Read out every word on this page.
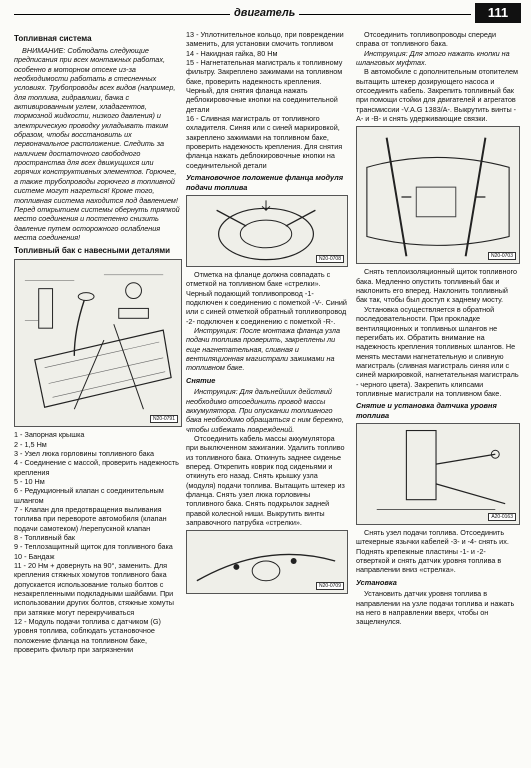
двигатель	111

Топливная система

ВНИМАНИЕ: Соблюдать следующие предписания при всех монтажных работах, особенно в моторном отсеке из-за необходимости работать в стесненных условиях. Трубопроводы всех видов (например, для топлива, гидравлики, бачка с активированным углем, хладагентов, тормозной жидкости, низкого давления) и электрическую проводку укладывать таким образом, чтобы восстановить их первоначальное расположение. Следить за наличием достаточного свободного пространства для всех движущихся или горячих конструктивных элементов. Горючее, а также трубопроводы горючего в топливной системе могут нагреться! Кроме того, топливная система находится под давлением! Перед открытием системы обернуть тряпкой место соединения и постепенно снизить давление путем осторожного ослабления места соединения!

Топливный бак с навесными деталями

N20-0791

1 - Запорная крышка

2 - 1,5 Нм

3 - Узел люка горловины топливного бака

4 - Соединение с массой, проверить надежность крепления

5 - 10 Нм

6 - Редукционный клапан с соединительным шлангом

7 - Клапан для предотвращения выливания топлива при перевороте автомобиля (клапан подачи самотеком) /перепускной клапан

8 - Топливный бак

9 - Теплозащитный щиток для топливного бака

10 - Бандаж

11 - 20 Нм + довернуть на 90°, заменить. Для крепления стяжных хомутов топливного бака допускается использование только болтов с незакрепленными подкладными шайбами. При использовании других болтов, стяжные хомуты при затяжке могут перекручиваться

12 - Модуль подачи топлива с датчиком (G) уровня топлива, соблюдать установочное положение фланца на топливном баке, проверить фильтр при загрязнении

13 - Уплотнительное кольцо, при повреждении заменить, для установки смочить топливом

14 - Накидная гайка, 80 Нм

15 - Нагнетательная магистраль к топливному фильтру. Закреплено зажимами на топливном баке, проверить надежность крепления. Черный, для снятия фланца нажать деблокировочные кнопки на соединительной детали

16 - Сливная магистраль от топливного охладителя. Синяя или с синей маркировкой, закреплено зажимами на топливном баке, проверить надежность крепления. Для снятия фланца нажать деблокировочные кнопки на соединительной детали

Установочное положение фланца модуля подачи топлива

N20-0708

Отметка на фланце должна совпадать с отметкой на топливном баке «стрелки». Черный подающий топливопровод -1- подключен к соединению с пометкой -V-. Синий или с синей отметкой обратный топливопровод -2- подключен к соединению с пометкой -R-.

Инструкция: После монтажа фланца узла подачи топлива проверить, закреплены ли еще нагнетательная, сливная и вентиляционная магистрали зажимами на топливном баке.

Снятие

Инструкция: Для дальнейших действий необходимо отсоединить провод массы аккумулятора. При опускании топливного бака необходимо обращаться с ним бережно, чтобы избежать повреждений.

Отсоединить кабель массы аккумулятора при выключенном зажигании. Удалить топливо из топливного бака. Откинуть заднее сиденье вперед. Открепить коврик под сиденьями и откинуть его назад. Снять крышку узла (модуля) подачи топлива. Вытащить штекер из фланца. Снять узел люка горловины топливного бака. Снять подкрылок задней правой колесной ниши. Выкрутить винты заправочного патрубка «стрелки».

N20-0709

Отсоединить топливопроводы спереди справа от топливного бака.

Инструкция: Для этого нажать кнопки на шланговых муфтах.

В автомобиле с дополнительным отопителем вытащить штекер дозирующего насоса и отсоединить кабель. Закрепить топливный бак при помощи стойки для двигателей и агрегатов трансмиссии -V.A.G 1383/A-. Выкрутить винты -A- и -B- и снять удерживающие связки.

N20-0703

Снять теплоизоляционный щиток топливного бака. Медленно опустить топливный бак и наклонить его вперед. Наклонить топливный бак так, чтобы был доступ к заднему мосту.

Установка осуществляется в обратной последовательности. При прокладке вентиляционных и топливных шлангов не перегибать их. Обратить внимание на надежность крепления топливных шлангов. Не менять местами нагнетательную и сливную магистраль (сливная магистраль синяя или с синей маркировкой, нагнетательная магистраль - черного цвета). Закрепить клипсами топливные магистрали на топливном баке.

Снятие и установка датчика уровня топлива

A20-0163

Снять узел подачи топлива. Отсоединить штекерные язычки кабелей -3- и -4- снять их. Поднять крепежные пластины -1- и -2- отверткой и снять датчик уровня топлива в направлении вниз «стрелка».

Установка

Установить датчик уровня топлива в направлении на узле подачи топлива и нажать на него в направлении вверх, чтобы он защелкнулся.
